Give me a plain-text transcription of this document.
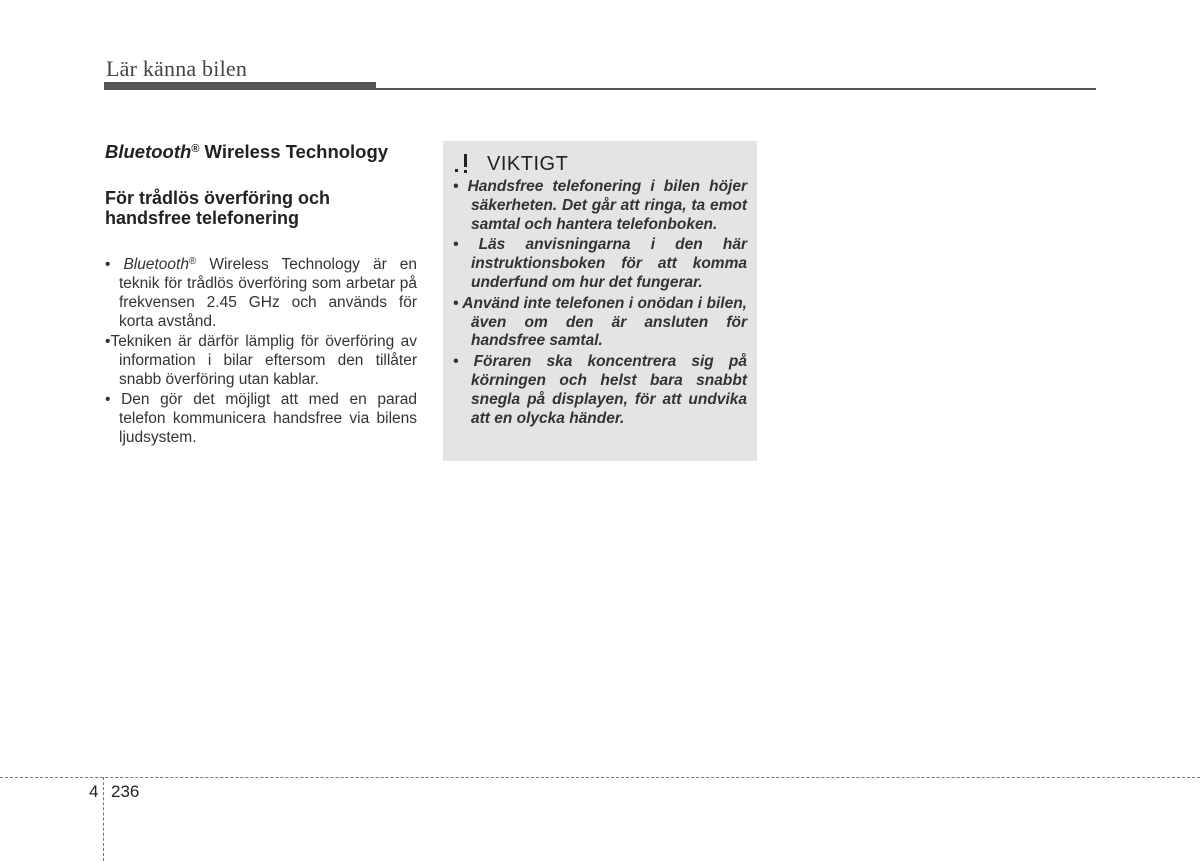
Lär känna bilen
Bluetooth® Wireless Technology
För trådlös överföring och
handsfree telefonering
• Bluetooth® Wireless Technology är en teknik för trådlös överföring som arbetar på frekvensen 2.45 GHz och används för korta avstånd.
•Tekniken är därför lämplig för överföring av information i bilar eftersom den tillåter snabb överföring utan kablar.
• Den gör det möjligt att med en parad telefon kommunicera handsfree via bilens ljudsystem.
VIKTIGT
• Handsfree telefonering i bilen höjer säkerheten. Det går att ringa, ta emot samtal och hantera telefonboken.
• Läs anvisningarna i den här instruktionsboken för att komma underfund om hur det fungerar.
• Använd inte telefonen i onödan i bilen, även om den är ansluten för handsfree samtal.
• Föraren ska koncentrera sig på körningen och helst bara snabbt snegla på displayen, för att undvika att en olycka händer.
4 236
